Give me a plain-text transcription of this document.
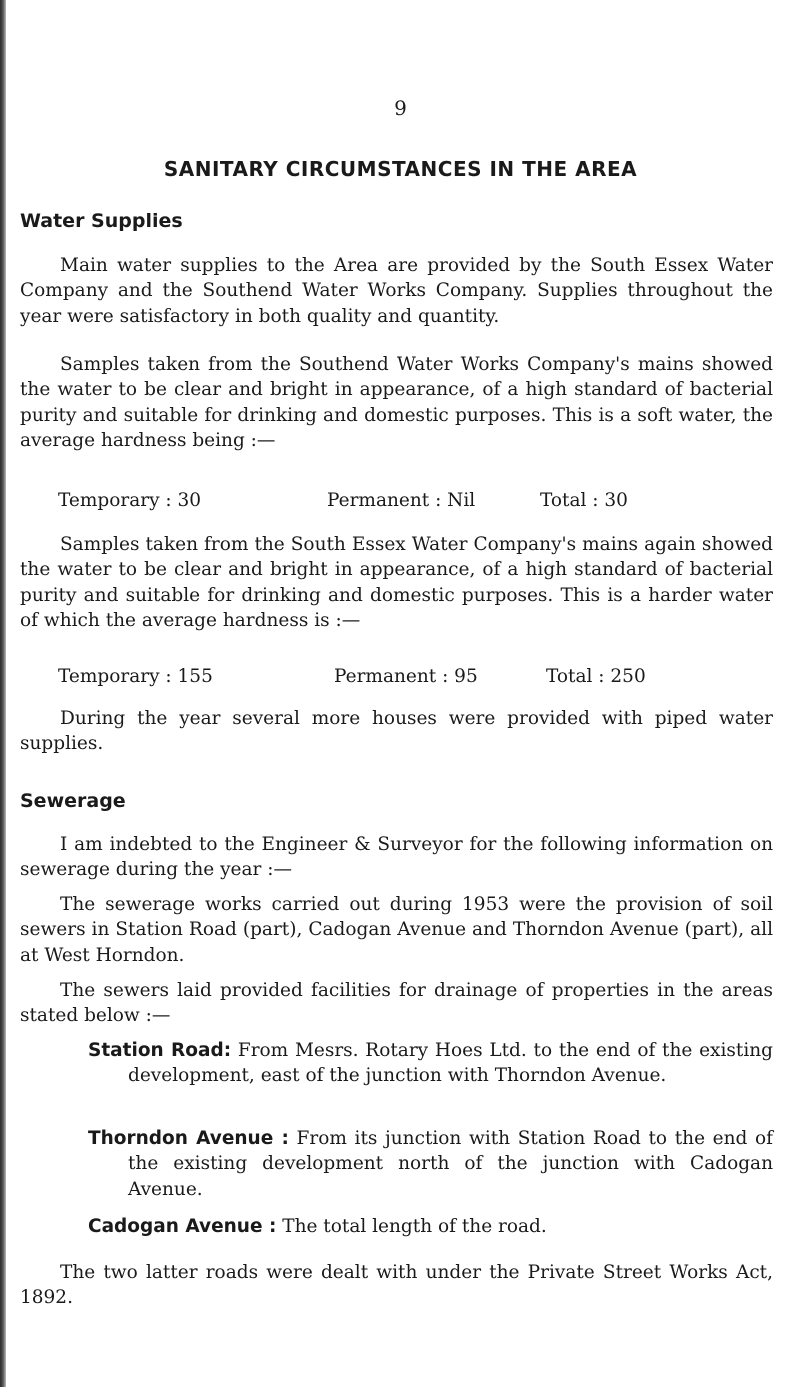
9
SANITARY CIRCUMSTANCES IN THE AREA
Water Supplies

Main water supplies to the Area are provided by the South Essex Water Company and the Southend Water Works Company. Supplies throughout the year were satisfactory in both quality and quantity.

Samples taken from the Southend Water Works Company's mains showed the water to be clear and bright in appearance, of a high standard of bacterial purity and suitable for drinking and domestic purposes. This is a soft water, the average hardness being :—

Temporary : 30	Permanent : Nil	Total : 30

Samples taken from the South Essex Water Company's mains again showed the water to be clear and bright in appearance, of a high standard of bacterial purity and suitable for drinking and domestic purposes. This is a harder water of which the average hardness is :—

Temporary : 155	Permanent : 95	Total : 250

During the year several more houses were provided with piped water supplies.

Sewerage

I am indebted to the Engineer & Surveyor for the following information on sewerage during the year :—

The sewerage works carried out during 1953 were the provision of soil sewers in Station Road (part), Cadogan Avenue and Thorndon Avenue (part), all at West Horndon.

The sewers laid provided facilities for drainage of properties in the areas stated below :—

Station Road: From Mesrs. Rotary Hoes Ltd. to the end of the existing development, east of the junction with Thorndon Avenue.

Thorndon Avenue : From its junction with Station Road to the end of the existing development north of the junction with Cadogan Avenue.

Cadogan Avenue : The total length of the road.

The two latter roads were dealt with under the Private Street Works Act, 1892.
